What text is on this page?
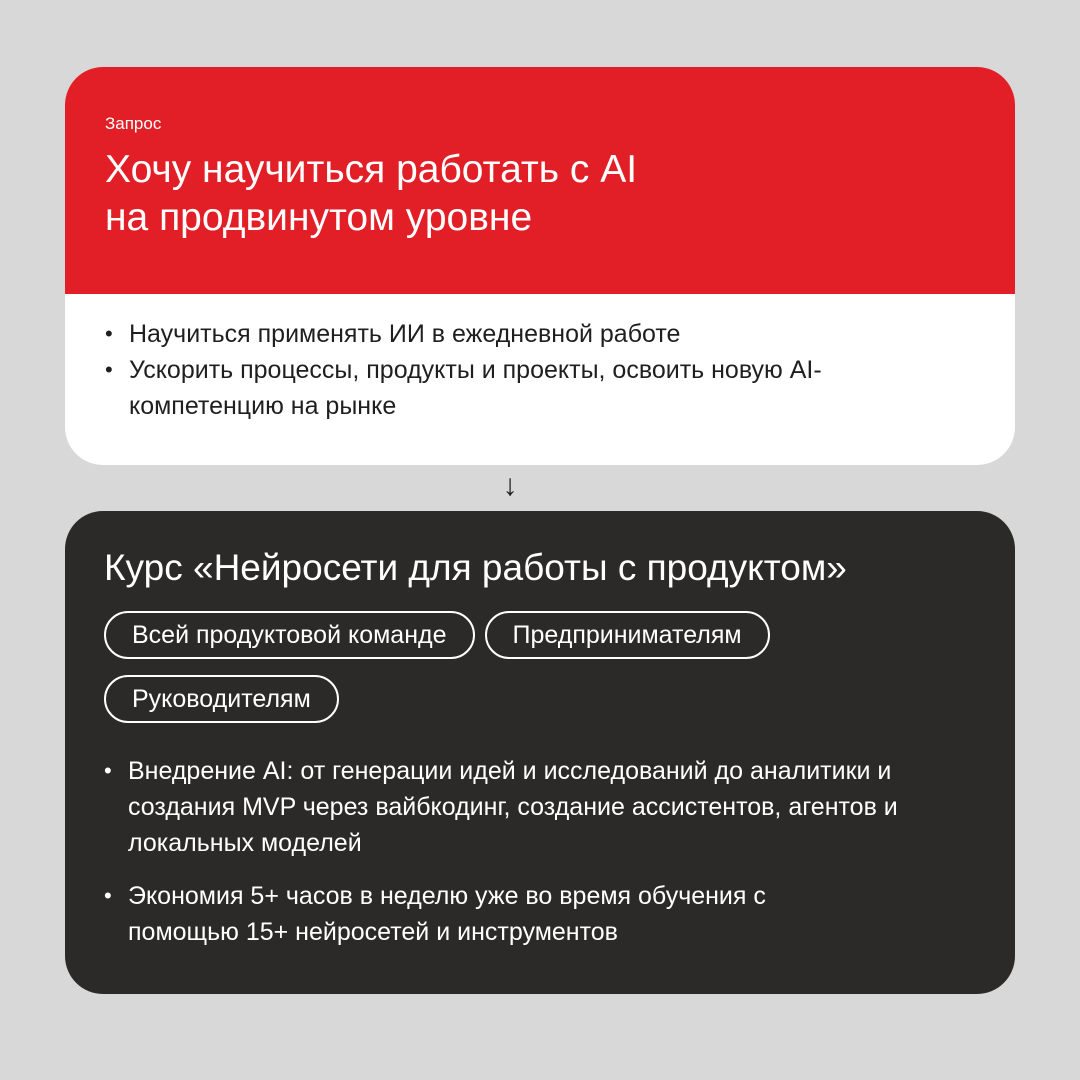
Запрос
Хочу научиться работать с AI
на продвинутом уровне
• Научиться применять ИИ в ежедневной работе
• Ускорить процессы, продукты и проекты, освоить новую AI-компетенцию на рынке
↓
Курс «Нейросети для работы с продуктом»
Всей продуктовой команде	Предпринимателям
Руководителям
• Внедрение AI: от генерации идей и исследований до аналитики и создания MVP через вайбкодинг, создание ассистентов, агентов и локальных моделей
• Экономия 5+ часов в неделю уже во время обучения с помощью 15+ нейросетей и инструментов
